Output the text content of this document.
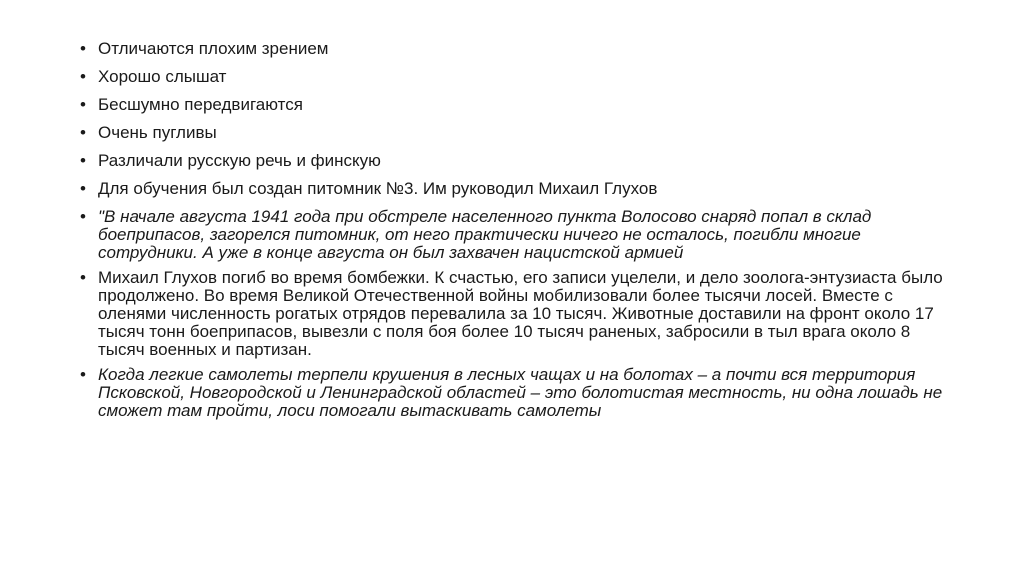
• Отличаются плохим зрением
• Хорошо слышат
• Бесшумно передвигаются
• Очень пугливы
• Различали русскую речь и финскую
• Для обучения был создан питомник №3. Им руководил Михаил Глухов
• "В начале августа 1941 года при обстреле населенного пункта Волосово снаряд попал в склад боеприпасов, загорелся питомник, от него практически ничего не осталось, погибли многие сотрудники. А уже в конце августа он был захвачен нацистской армией
• Михаил Глухов погиб во время бомбежки. К счастью, его записи уцелели, и дело зоолога-энтузиаста было продолжено. Во время Великой Отечественной войны мобилизовали более тысячи лосей. Вместе с оленями численность рогатых отрядов перевалила за 10 тысяч. Животные доставили на фронт около 17 тысяч тонн боеприпасов, вывезли с поля боя более 10 тысяч раненых, забросили в тыл врага около 8 тысяч военных и партизан.
• Когда легкие самолеты терпели крушения в лесных чащах и на болотах – а почти вся территория Псковской, Новгородской и Ленинградской областей – это болотистая местность, ни одна лошадь не сможет там пройти, лоси помогали вытаскивать самолеты
